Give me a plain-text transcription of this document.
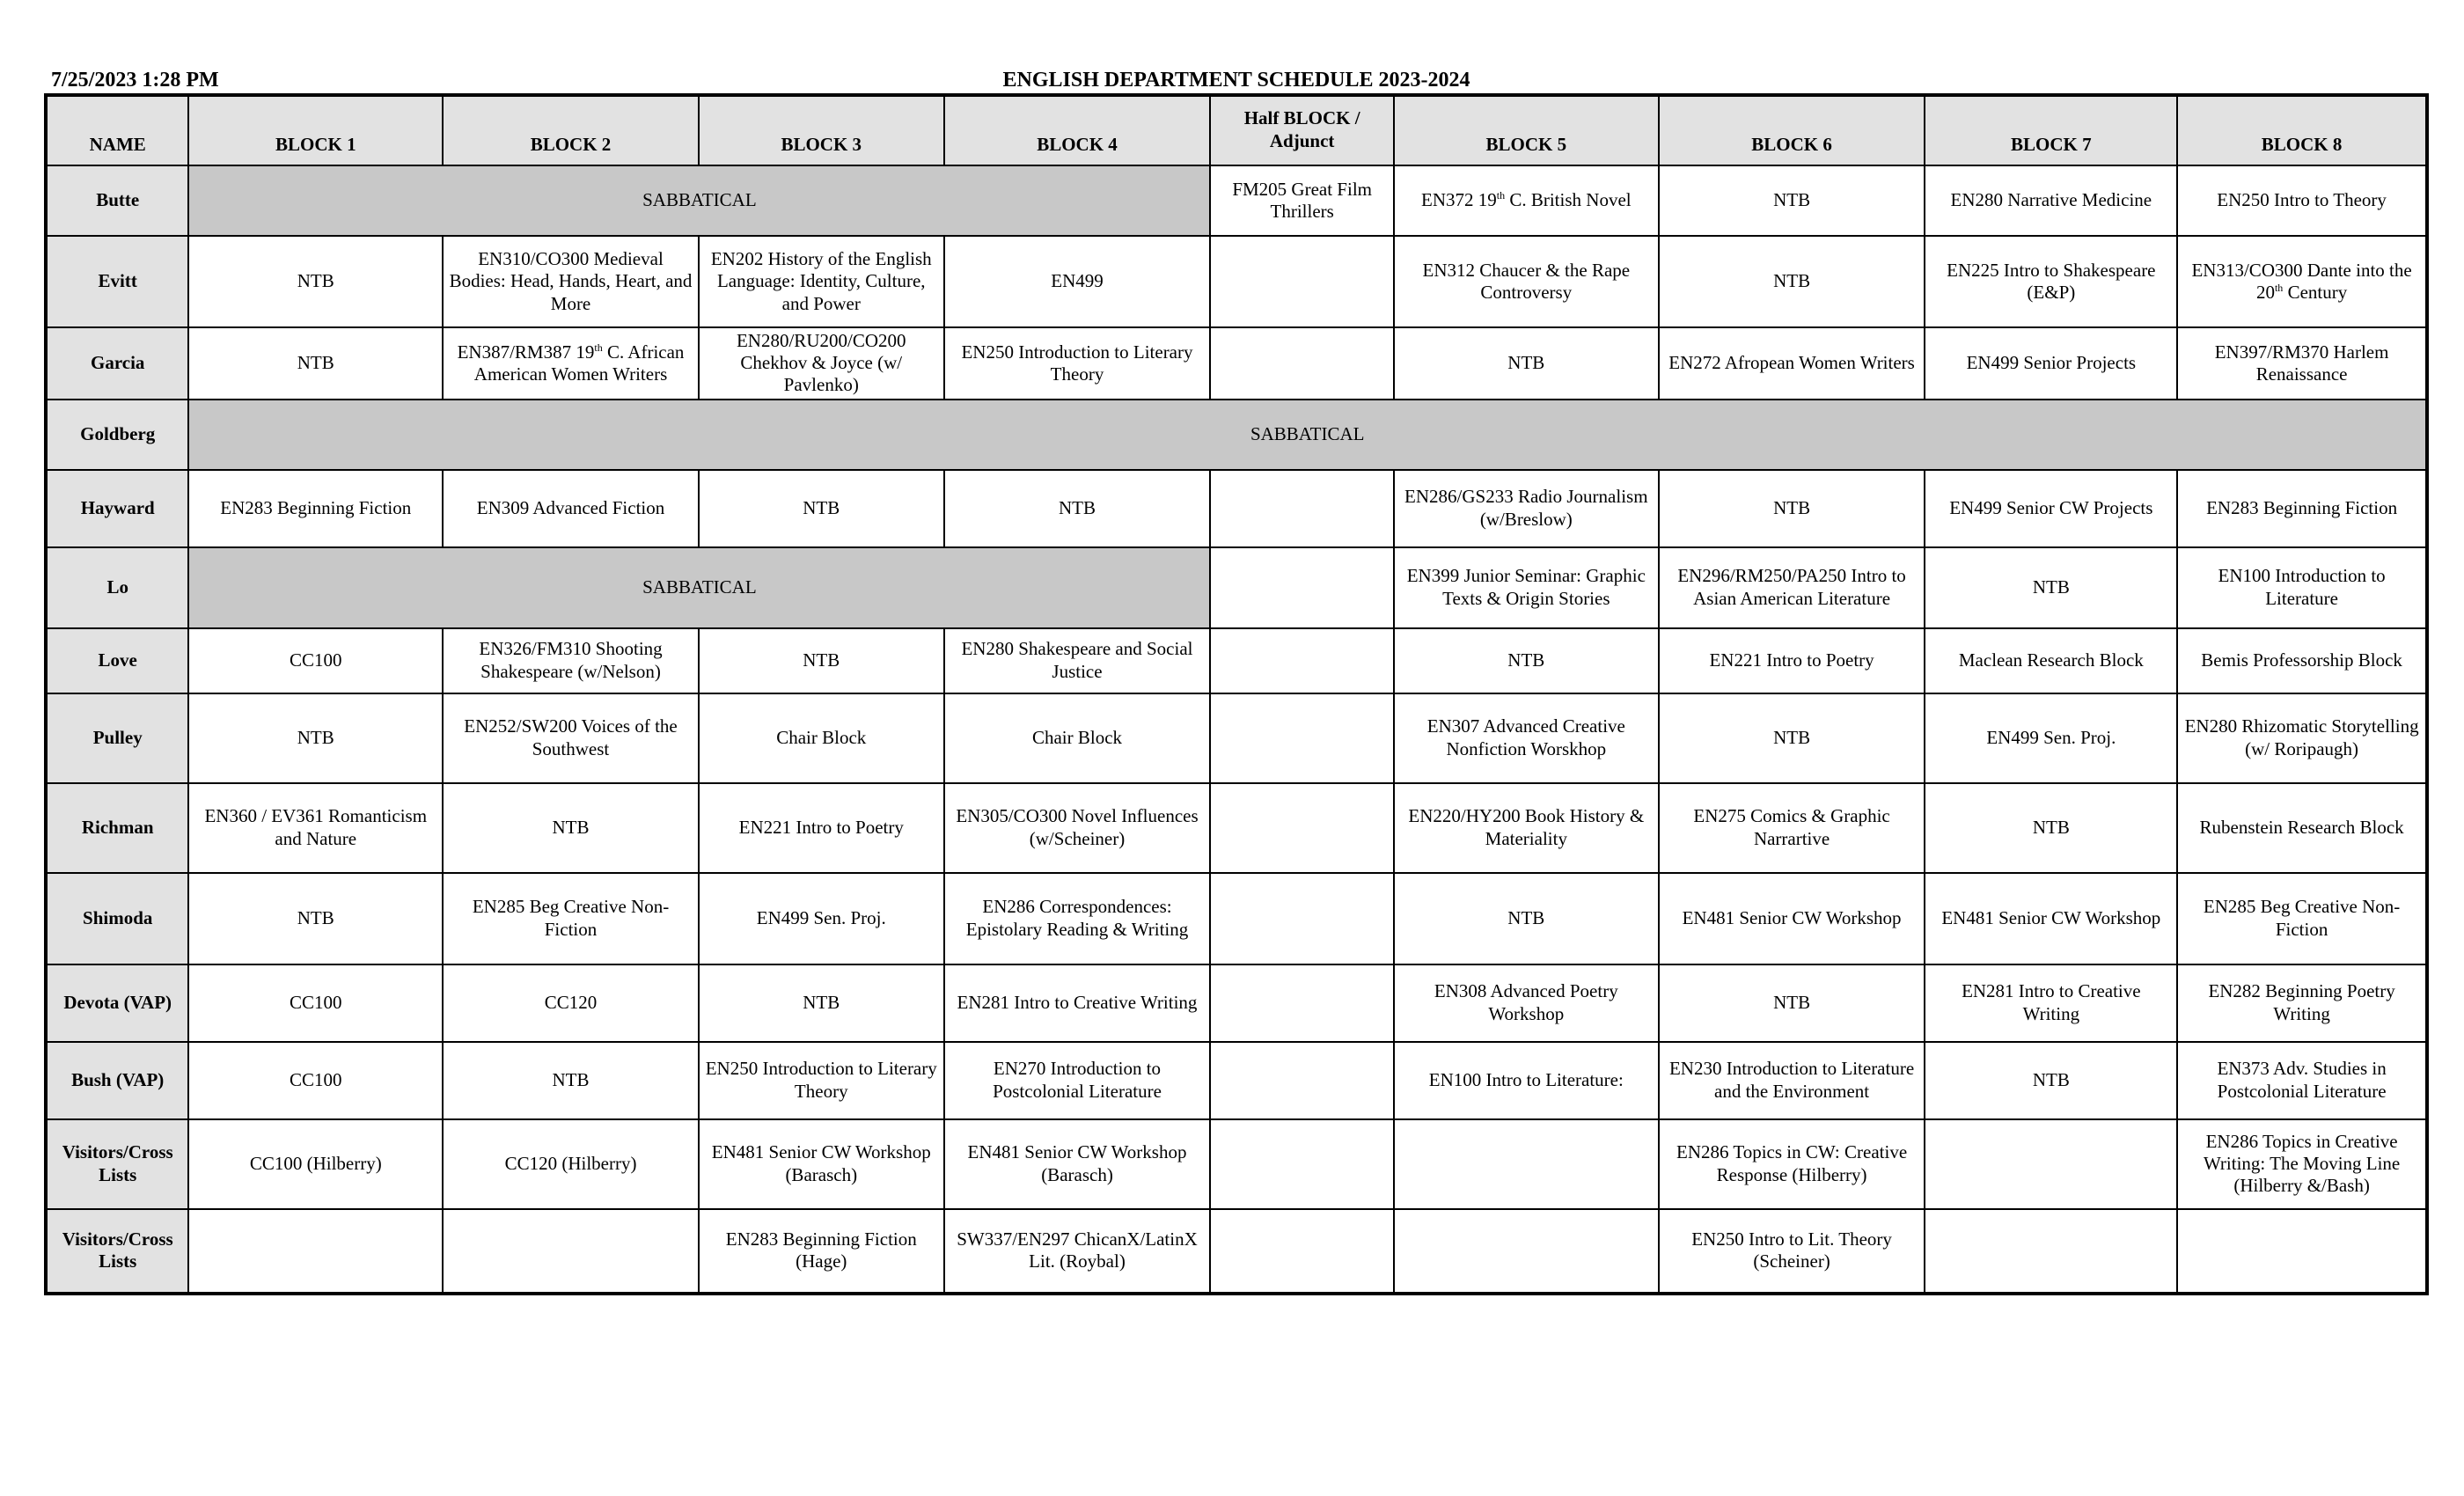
7/25/2023 1:28 PM	ENGLISH DEPARTMENT SCHEDULE 2023-2024
NAME	BLOCK 1	BLOCK 2	BLOCK 3	BLOCK 4	Half BLOCK / Adjunct	BLOCK 5	BLOCK 6	BLOCK 7	BLOCK 8
Butte	SABBATICAL				FM205 Great Film Thrillers	EN372 19th C. British Novel	NTB	EN280 Narrative Medicine	EN250 Intro to Theory
Evitt	NTB	EN310/CO300 Medieval Bodies: Head, Hands, Heart, and More	EN202 History of the English Language: Identity, Culture, and Power	EN499		EN312 Chaucer & the Rape Controversy	NTB	EN225 Intro to Shakespeare (E&P)	EN313/CO300 Dante into the 20th Century
Garcia	NTB	EN387/RM387 19th C. African American Women Writers	EN280/RU200/CO200 Chekhov & Joyce (w/ Pavlenko)	EN250 Introduction to Literary Theory		NTB	EN272 Afropean Women Writers	EN499 Senior Projects	EN397/RM370 Harlem Renaissance
Goldberg	SABBATICAL								
Hayward	EN283 Beginning Fiction	EN309 Advanced Fiction	NTB	NTB		EN286/GS233 Radio Journalism (w/Breslow)	NTB	EN499 Senior CW Projects	EN283 Beginning Fiction
Lo	SABBATICAL					EN399 Junior Seminar: Graphic Texts & Origin Stories	EN296/RM250/PA250 Intro to Asian American Literature	NTB	EN100 Introduction to Literature
Love	CC100	EN326/FM310 Shooting Shakespeare (w/Nelson)	NTB	EN280 Shakespeare and Social Justice		NTB	EN221 Intro to Poetry	Maclean Research Block	Bemis Professorship Block
Pulley	NTB	EN252/SW200 Voices of the Southwest	Chair Block	Chair Block		EN307 Advanced Creative Nonfiction Worskhop	NTB	EN499 Sen. Proj.	EN280 Rhizomatic Storytelling (w/ Roripaugh)
Richman	EN360 / EV361 Romanticism and Nature	NTB	EN221 Intro to Poetry	EN305/CO300 Novel Influences (w/Scheiner)		EN220/HY200 Book History & Materiality	EN275 Comics & Graphic Narrartive	NTB	Rubenstein Research Block
Shimoda	NTB	EN285 Beg Creative Non-Fiction	EN499 Sen. Proj.	EN286 Correspondences: Epistolary Reading & Writing		NTB	EN481 Senior CW Workshop	EN481 Senior CW Workshop	EN285 Beg Creative Non-Fiction
Devota (VAP)	CC100	CC120	NTB	EN281 Intro to Creative Writing		EN308 Advanced Poetry Workshop	NTB	EN281 Intro to Creative Writing	EN282 Beginning Poetry Writing
Bush (VAP)	CC100	NTB	EN250 Introduction to Literary Theory	EN270 Introduction to Postcolonial Literature		EN100 Intro to Literature:	EN230 Introduction to Literature and the Environment	NTB	EN373 Adv. Studies in Postcolonial Literature
Visitors/Cross Lists	CC100 (Hilberry)	CC120 (Hilberry)	EN481 Senior CW Workshop (Barasch)	EN481 Senior CW Workshop (Barasch)			EN286 Topics in CW: Creative Response (Hilberry)		EN286 Topics in Creative Writing: The Moving Line (Hilberry &/Bash)
Visitors/Cross Lists			EN283 Beginning Fiction (Hage)	SW337/EN297 ChicanX/LatinX Lit. (Roybal)			EN250 Intro to Lit. Theory (Scheiner)		
